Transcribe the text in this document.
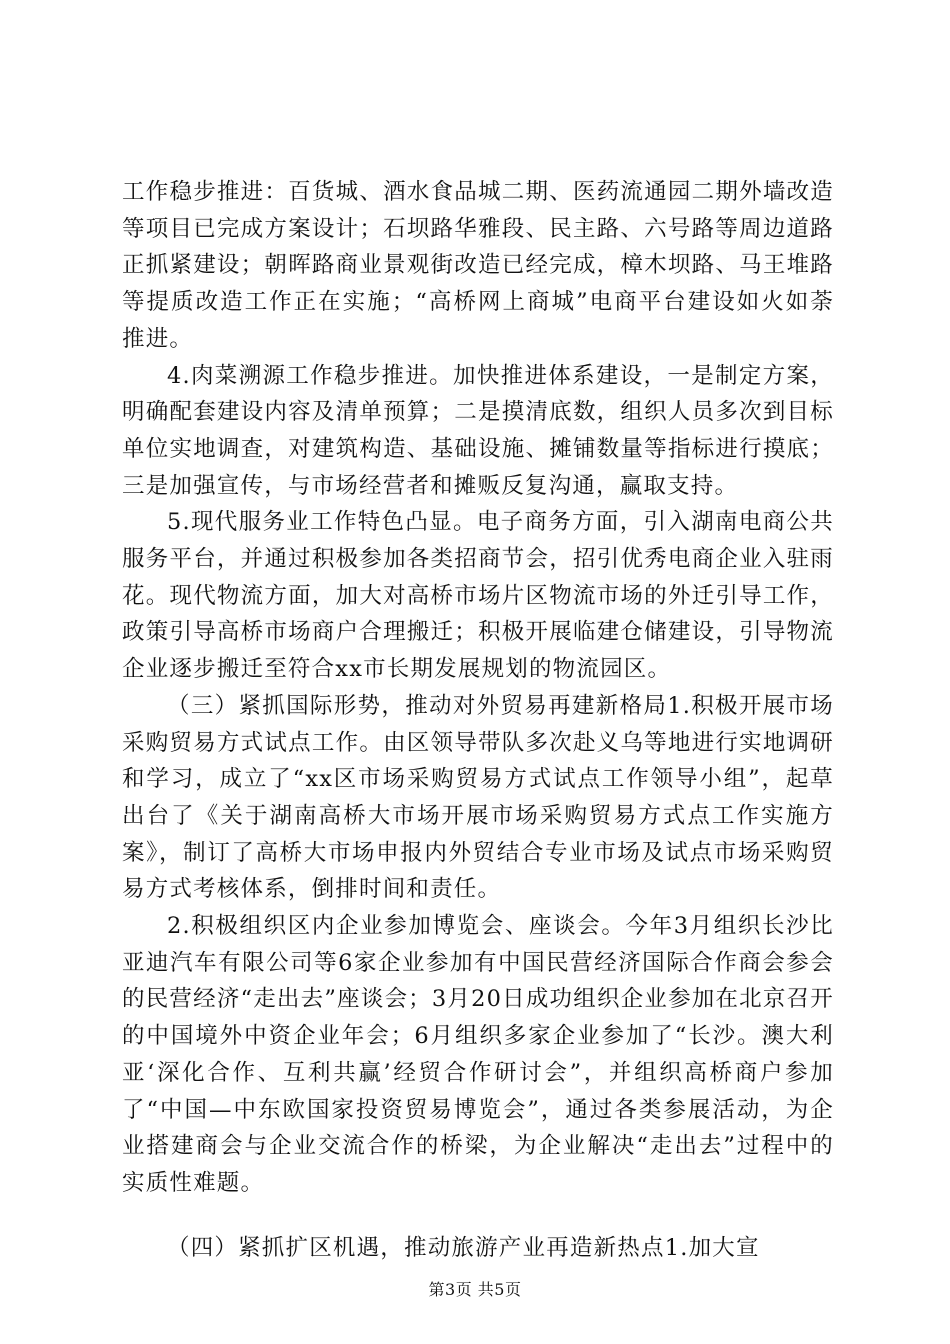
工作稳步推进：百货城、酒水食品城二期、医药流通园二期外墙改造等项目已完成方案设计；石坝路华雅段、民主路、六号路等周边道路正抓紧建设；朝晖路商业景观街改造已经完成，樟木坝路、马王堆路等提质改造工作正在实施；“高桥网上商城”电商平台建设如火如荼推进。

4.肉菜溯源工作稳步推进。加快推进体系建设，一是制定方案，明确配套建设内容及清单预算；二是摸清底数，组织人员多次到目标单位实地调查，对建筑构造、基础设施、摊铺数量等指标进行摸底；三是加强宣传，与市场经营者和摊贩反复沟通，赢取支持。

5.现代服务业工作特色凸显。电子商务方面，引入湖南电商公共服务平台，并通过积极参加各类招商节会，招引优秀电商企业入驻雨花。现代物流方面，加大对高桥市场片区物流市场的外迁引导工作，政策引导高桥市场商户合理搬迁；积极开展临建仓储建设，引导物流企业逐步搬迁至符合xx市长期发展规划的物流园区。

（三）紧抓国际形势，推动对外贸易再建新格局1.积极开展市场采购贸易方式试点工作。由区领导带队多次赴义乌等地进行实地调研和学习，成立了“xx区市场采购贸易方式试点工作领导小组”，起草出台了《关于湖南高桥大市场开展市场采购贸易方式点工作实施方案》，制订了高桥大市场申报内外贸结合专业市场及试点市场采购贸易方式考核体系，倒排时间和责任。

2.积极组织区内企业参加博览会、座谈会。今年3月组织长沙比亚迪汽车有限公司等6家企业参加有中国民营经济国际合作商会参会的民营经济“走出去”座谈会；3月20日成功组织企业参加在北京召开的中国境外中资企业年会；6月组织多家企业参加了“长沙。澳大利亚‘深化合作、互利共赢’经贸合作研讨会”，并组织高桥商户参加了“中国—中东欧国家投资贸易博览会”，通过各类参展活动，为企业搭建商会与企业交流合作的桥梁，为企业解决“走出去”过程中的实质性难题。

（四）紧抓扩区机遇，推动旅游产业再造新热点1.加大宣

第3页 共5页
